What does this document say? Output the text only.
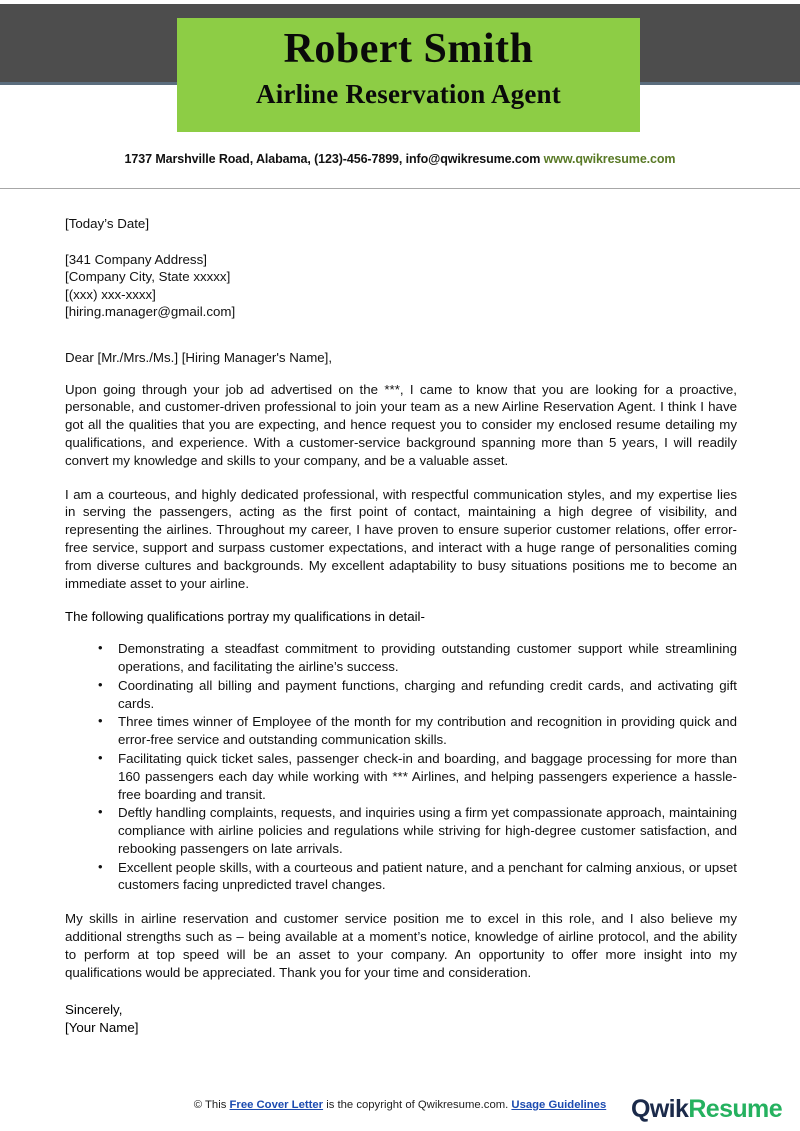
Robert Smith
Airline Reservation Agent
1737 Marshville Road, Alabama, (123)-456-7899, info@qwikresume.com www.qwikresume.com
[Today’s Date]
[341 Company Address]
[Company City, State xxxxx]
[(xxx) xxx-xxxx]
[hiring.manager@gmail.com]
Dear [Mr./Mrs./Ms.] [Hiring Manager's Name],

Upon going through your job ad advertised on the ***, I came to know that you are looking for a proactive, personable, and customer-driven professional to join your team as a new Airline Reservation Agent. I think I have got all the qualities that you are expecting, and hence request you to consider my enclosed resume detailing my qualifications, and experience. With a customer-service background spanning more than 5 years, I will readily convert my knowledge and skills to your company, and be a valuable asset.

I am a courteous, and highly dedicated professional, with respectful communication styles, and my expertise lies in serving the passengers, acting as the first point of contact, maintaining a high degree of visibility, and representing the airlines. Throughout my career, I have proven to ensure superior customer relations, offer error-free service, support and surpass customer expectations, and interact with a huge range of personalities coming from diverse cultures and backgrounds. My excellent adaptability to busy situations positions me to become an immediate asset to your airline.

The following qualifications portray my qualifications in detail-
• Demonstrating a steadfast commitment to providing outstanding customer support while streamlining operations, and facilitating the airline’s success.
• Coordinating all billing and payment functions, charging and refunding credit cards, and activating gift cards.
• Three times winner of Employee of the month for my contribution and recognition in providing quick and error-free service and outstanding communication skills.
• Facilitating quick ticket sales, passenger check-in and boarding, and baggage processing for more than 160 passengers each day while working with *** Airlines, and helping passengers experience a hassle-free boarding and transit.
• Deftly handling complaints, requests, and inquiries using a firm yet compassionate approach, maintaining compliance with airline policies and regulations while striving for high-degree customer satisfaction, and rebooking passengers on late arrivals.
• Excellent people skills, with a courteous and patient nature, and a penchant for calming anxious, or upset customers facing unpredicted travel changes.

My skills in airline reservation and customer service position me to excel in this role, and I also believe my additional strengths such as – being available at a moment’s notice, knowledge of airline protocol, and the ability to perform at top speed will be an asset to your company. An opportunity to offer more insight into my qualifications would be appreciated. Thank you for your time and consideration.

Sincerely,
[Your Name]
© This Free Cover Letter is the copyright of Qwikresume.com. Usage Guidelines QwikResume
